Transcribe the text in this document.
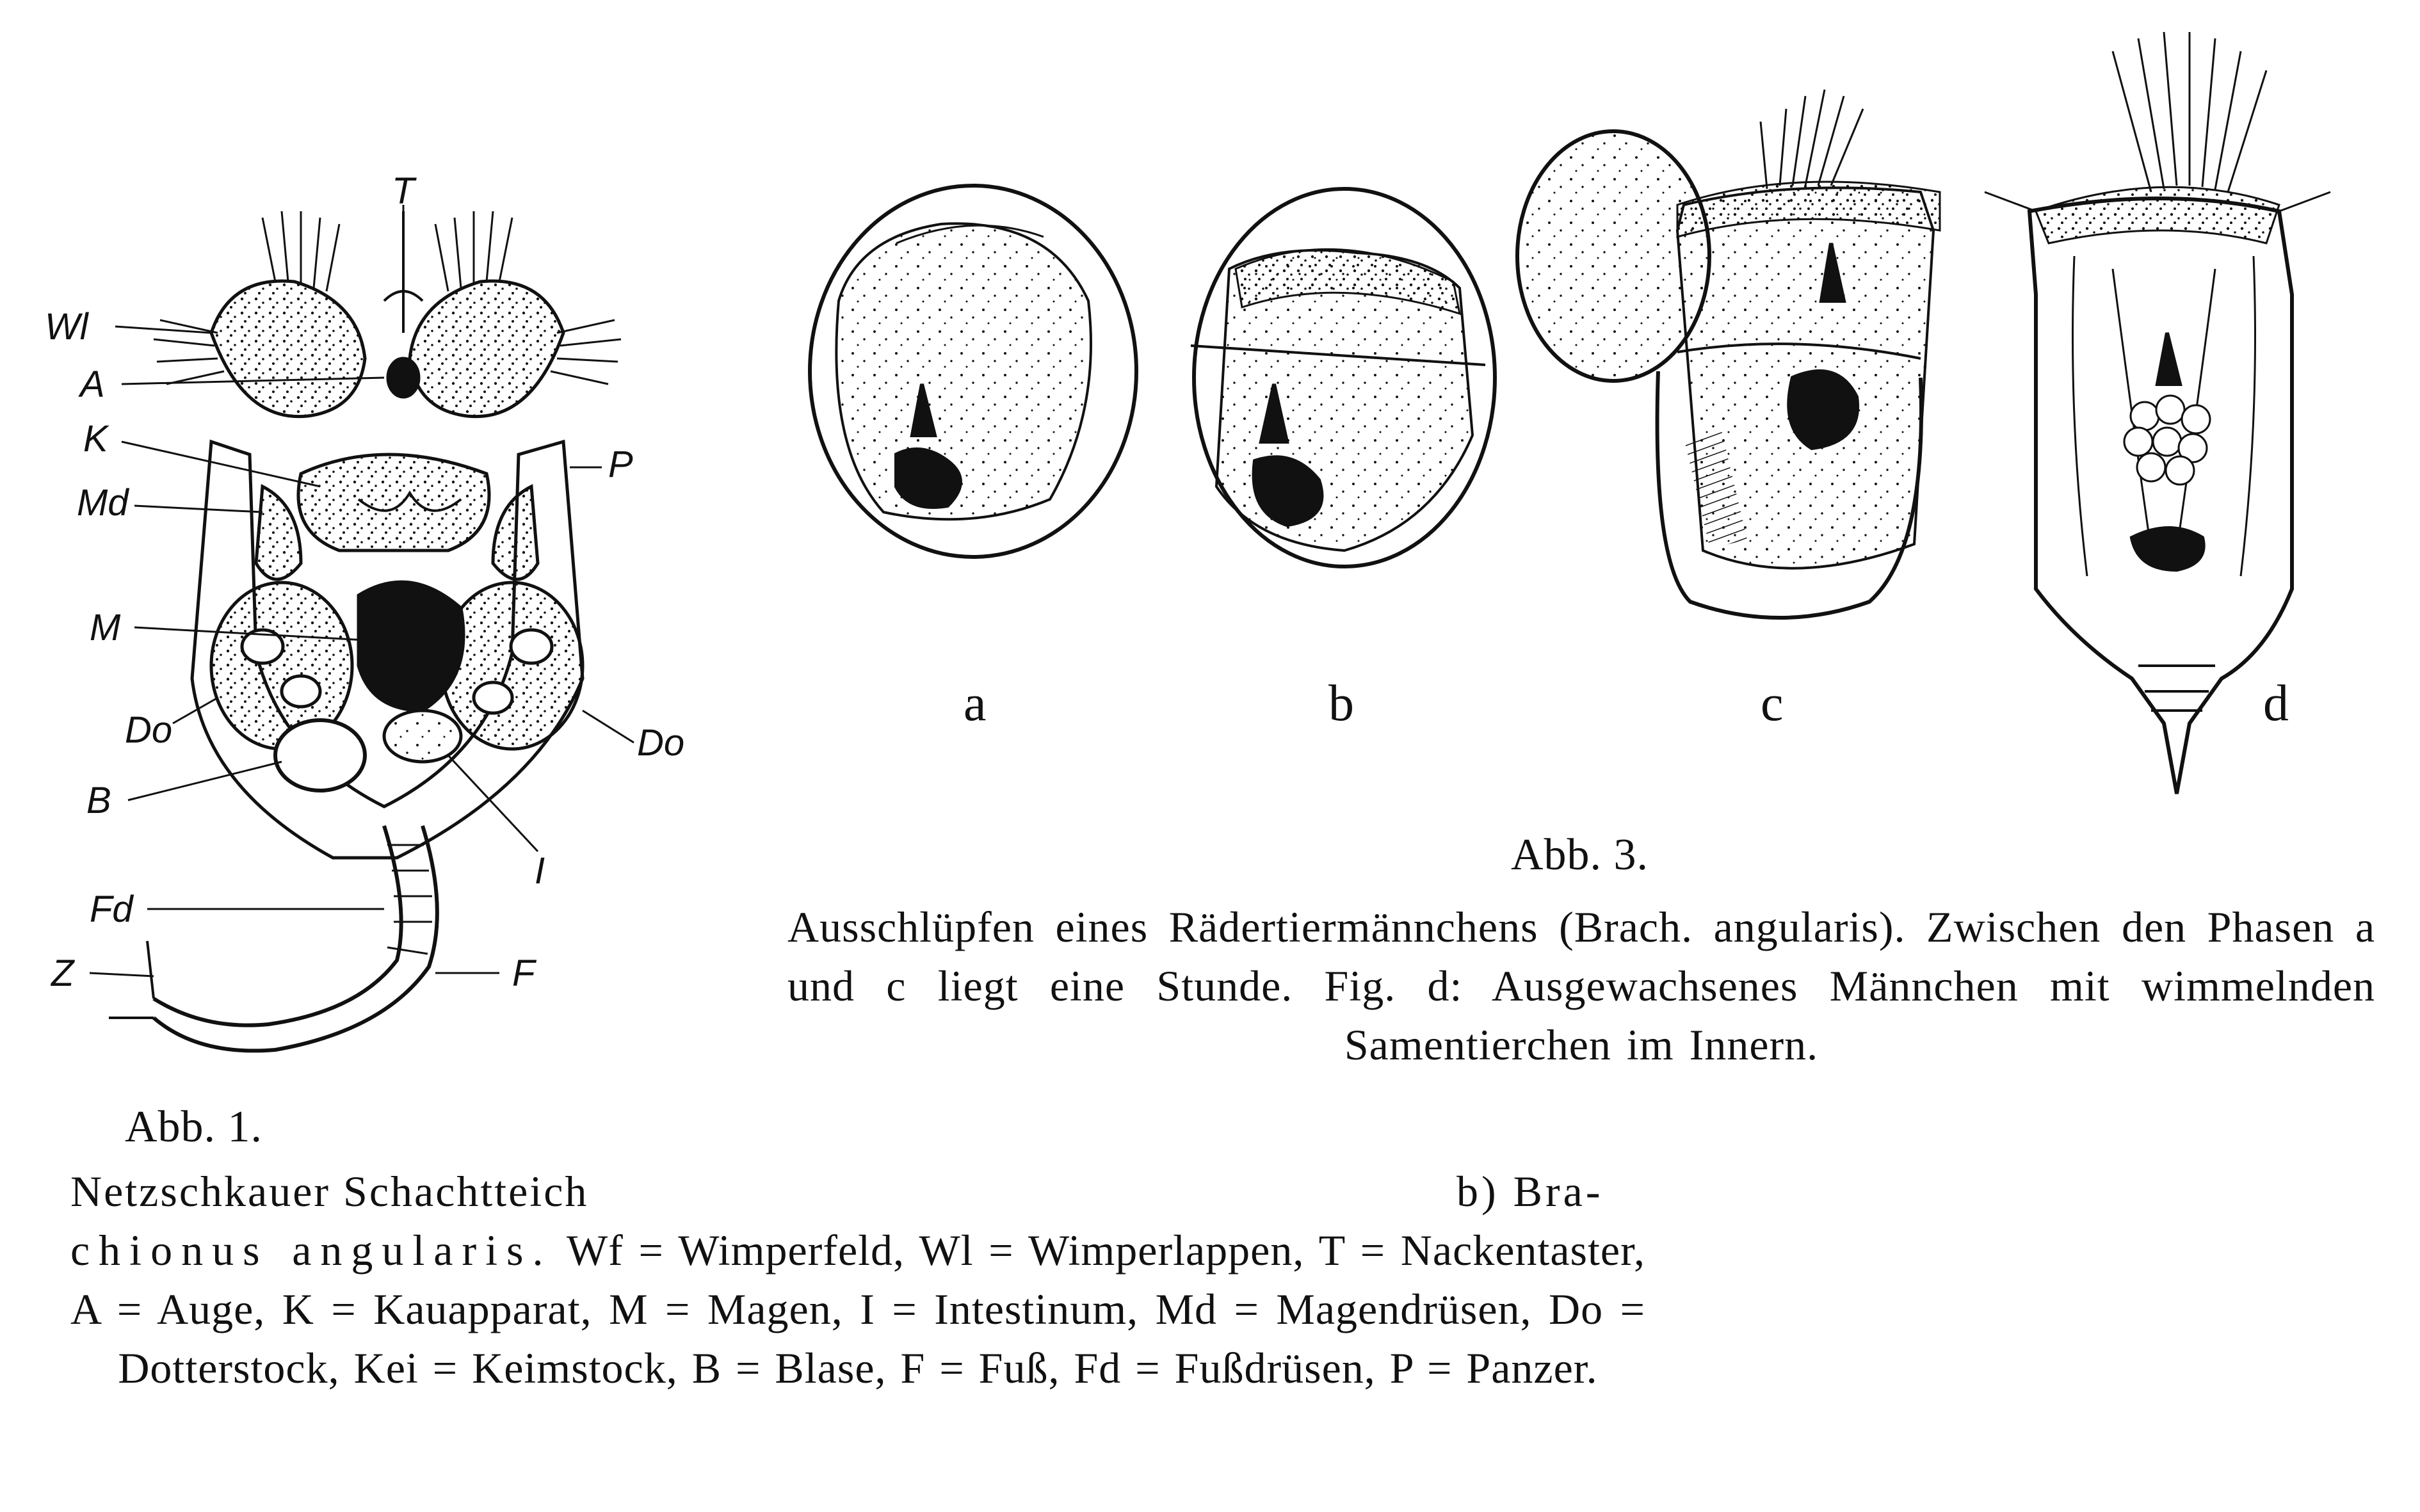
T
Wl
A
K
P
Md
M
Do	Do
B
I
Fd
Z	F
a	b	c	d
Abb. 3.
Ausschlüpfen eines Rädertiermännchens (Brach. angularis). Zwischen den Phasen a und c liegt eine Stunde. Fig. d: Ausgewachsenes Männchen mit wimmelnden Samentierchen im Innern.
Abb. 1.
Netzschkauer Schachtteich	b) Bra-
chionus angularis. Wf = Wimperfeld, Wl = Wimperlappen, T = Nackentaster, A = Auge, K = Kauapparat, M = Magen, I = Intestinum, Md = Magendrüsen, Do = Dotterstock, Kei = Keimstock, B = Blase, F = Fuß, Fd = Fußdrüsen, P = Panzer.
